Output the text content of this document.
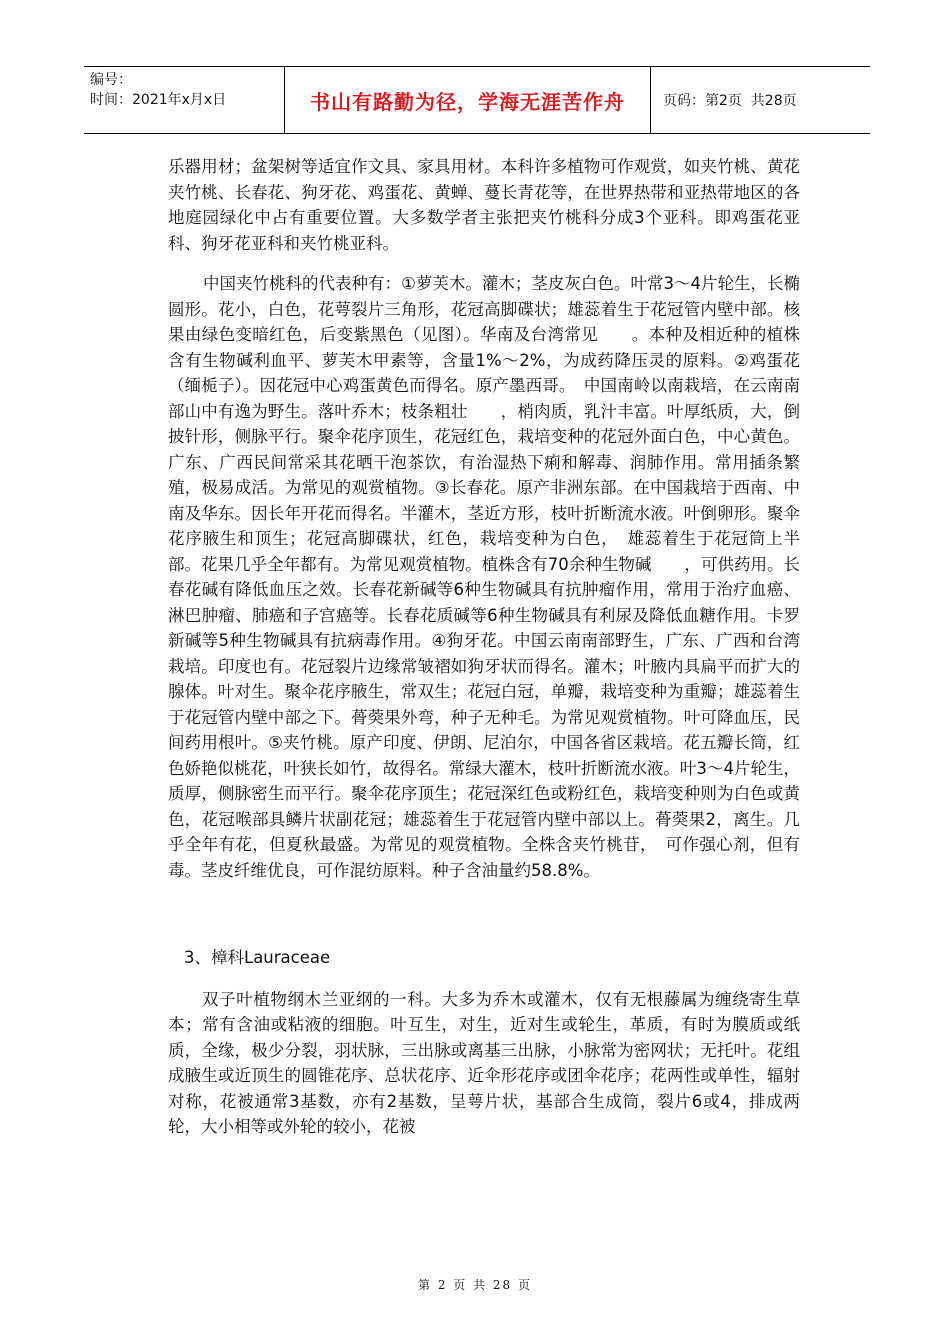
编号：
时间：2021年x月x日	书山有路勤为径，学海无涯苦作舟	页码：第2页  共28页

乐器用材；盆架树等适宜作文具、家具用材。本科许多植物可作观赏，如夹竹桃、黄花夹竹桃、长春花、狗牙花、鸡蛋花、黄蝉、蔓长青花等，在世界热带和亚热带地区的各地庭园绿化中占有重要位置。大多数学者主张把夹竹桃科分成3个亚科。即鸡蛋花亚科、狗牙花亚科和夹竹桃亚科。

中国夹竹桃科的代表种有：①萝芙木。灌木；茎皮灰白色。叶常3～4片轮生，长椭圆形。花小，白色，花萼裂片三角形，花冠高脚碟状；雄蕊着生于花冠管内壁中部。核果由绿色变暗红色，后变紫黑色（见图）。华南及台湾常见　　。本种及相近种的植株含有生物碱利血平、萝芙木甲素等，含量1%～2%，为成药降压灵的原料。②鸡蛋花（缅栀子）。因花冠中心鸡蛋黄色而得名。原产墨西哥。　中国南岭以南栽培，在云南南部山中有逸为野生。落叶乔木；枝条粗壮　　，梢肉质，乳汁丰富。叶厚纸质，大，倒披针形，侧脉平行。聚伞花序顶生，花冠红色，栽培变种的花冠外面白色，中心黄色。广东、广西民间常采其花晒干泡茶饮，有治湿热下痢和解毒、润肺作用。常用插条繁殖，极易成活。为常见的观赏植物。③长春花。原产非洲东部。在中国栽培于西南、中南及华东。因长年开花而得名。半灌木，茎近方形，枝叶折断流水液。叶倒卵形。聚伞花序腋生和顶生；花冠高脚碟状，红色，栽培变种为白色，　雄蕊着生于花冠筒上半部。花果几乎全年都有。为常见观赏植物。植株含有70余种生物碱　　，可供药用。长春花碱有降低血压之效。长春花新碱等6种生物碱具有抗肿瘤作用，常用于治疗血癌、淋巴肿瘤、肺癌和子宫癌等。长春花质碱等6种生物碱具有利尿及降低血糖作用。卡罗新碱等5种生物碱具有抗病毒作用。④狗牙花。中国云南南部野生，广东、广西和台湾栽培。印度也有。花冠裂片边缘常皱褶如狗牙状而得名。灌木；叶腋内具扁平而扩大的腺体。叶对生。聚伞花序腋生，常双生；花冠白冠，单瓣，栽培变种为重瓣；雄蕊着生于花冠管内壁中部之下。蓇葖果外弯，种子无种毛。为常见观赏植物。叶可降血压，民间药用根叶。⑤夹竹桃。原产印度、伊朗、尼泊尔，中国各省区栽培。花五瓣长筒，红色娇艳似桃花，叶狭长如竹，故得名。常绿大灌木，枝叶折断流水液。叶3～4片轮生，质厚，侧脉密生而平行。聚伞花序顶生；花冠深红色或粉红色，栽培变种则为白色或黄色，花冠喉部具鳞片状副花冠；雄蕊着生于花冠管内壁中部以上。蓇葖果2，离生。几乎全年有花，但夏秋最盛。为常见的观赏植物。全株含夹竹桃苷，　可作强心剂，但有毒。茎皮纤维优良，可作混纺原料。种子含油量约58.8%。

3、樟科Lauraceae

双子叶植物纲木兰亚纲的一科。大多为乔木或灌木，仅有无根藤属为缠绕寄生草本；常有含油或粘液的细胞。叶互生，对生，近对生或轮生，革质，有时为膜质或纸质，全缘，极少分裂，羽状脉，三出脉或离基三出脉，小脉常为密网状；无托叶。花组成腋生或近顶生的圆锥花序、总状花序、近伞形花序或团伞花序；花两性或单性，辐射对称，花被通常3基数，亦有2基数，呈萼片状，基部合生成筒，裂片6或4，排成两轮，大小相等或外轮的较小，花被

第 2 页 共 28 页
